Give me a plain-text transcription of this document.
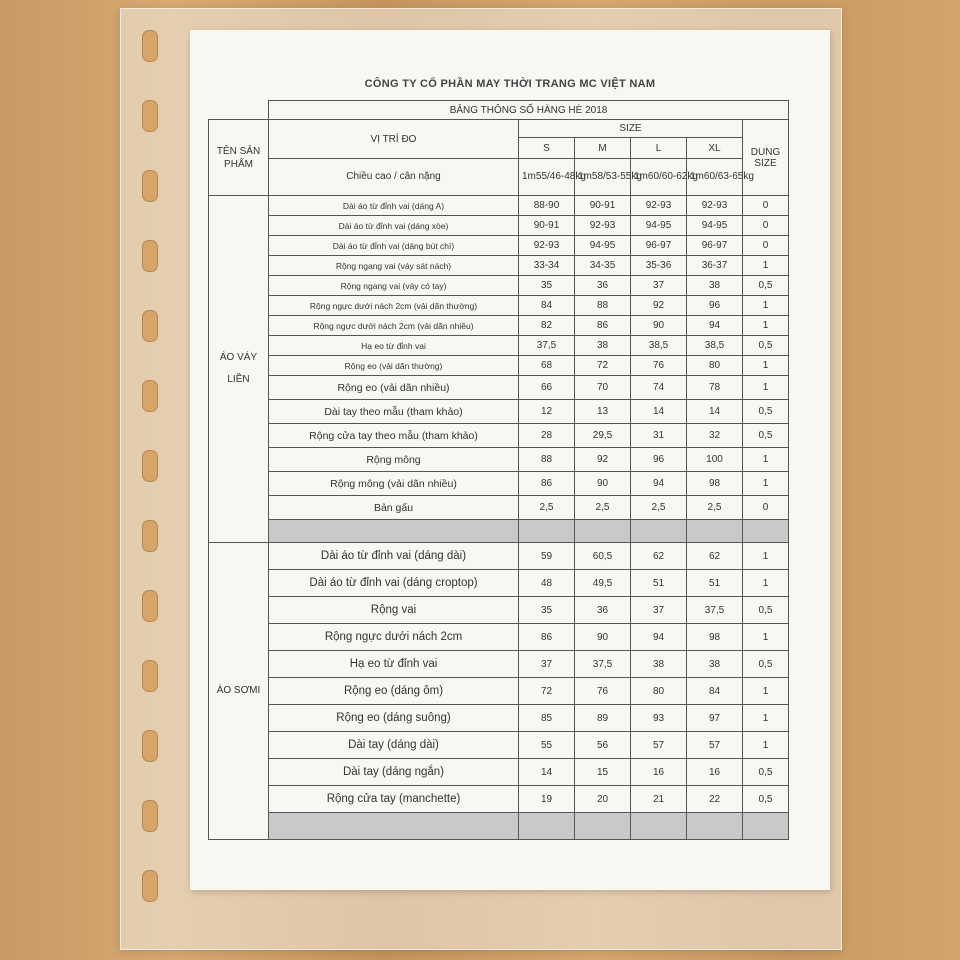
CÔNG TY CỔ PHẦN MAY THỜI TRANG MC VIỆT NAM
	BẢNG THÔNG SỐ HÀNG HÈ 2018					
TÊN SẢN PHẨM	VỊ TRÍ ĐO	SIZE				DUNG SIZE
		S	M	L	XL	
	Chiều cao / cân nặng	1m55/46-48kg	1m58/53-55kg	1m60/60-62kg	1m60/63-65kg	
ÁO VÁY LIỀN	Dài áo từ đỉnh vai (dáng A)	88-90	90-91	92-93	92-93	0
	Dài áo từ đỉnh vai (dáng xòe)	90-91	92-93	94-95	94-95	0
	Dài áo từ đỉnh vai (dáng bút chì)	92-93	94-95	96-97	96-97	0
	Rộng ngang vai (váy sát nách)	33-34	34-35	35-36	36-37	1
	Rộng ngang vai (váy có tay)	35	36	37	38	0,5
	Rộng ngực dưới nách 2cm (vải dãn thường)	84	88	92	96	1
	Rộng ngực dưới nách 2cm (vải dãn nhiều)	82	86	90	94	1
	Hạ eo từ đỉnh vai	37,5	38	38,5	38,5	0,5
	Rộng eo (vải dãn thường)	68	72	76	80	1
	Rộng eo (vải dãn nhiều)	66	70	74	78	1
	Dài tay theo mẫu (tham khảo)	12	13	14	14	0,5
	Rộng cửa tay theo mẫu (tham khảo)	28	29,5	31	32	0,5
	Rộng mông	88	92	96	100	1
	Rộng mông (vải dãn nhiều)	86	90	94	98	1
	Bản gấu	2,5	2,5	2,5	2,5	0

ÁO SƠMI	Dài áo từ đỉnh vai (dáng dài)	59	60,5	62	62	1
	Dài áo từ đỉnh vai (dáng croptop)	48	49,5	51	51	1
	Rộng vai	35	36	37	37,5	0,5
	Rộng ngực dưới nách 2cm	86	90	94	98	1
	Hạ eo từ đỉnh vai	37	37,5	38	38	0,5
	Rộng eo (dáng ôm)	72	76	80	84	1
	Rộng eo (dáng suông)	85	89	93	97	1
	Dài tay (dáng dài)	55	56	57	57	1
	Dài tay (dáng ngắn)	14	15	16	16	0,5
	Rộng cửa tay (manchette)	19	20	21	22	0,5
